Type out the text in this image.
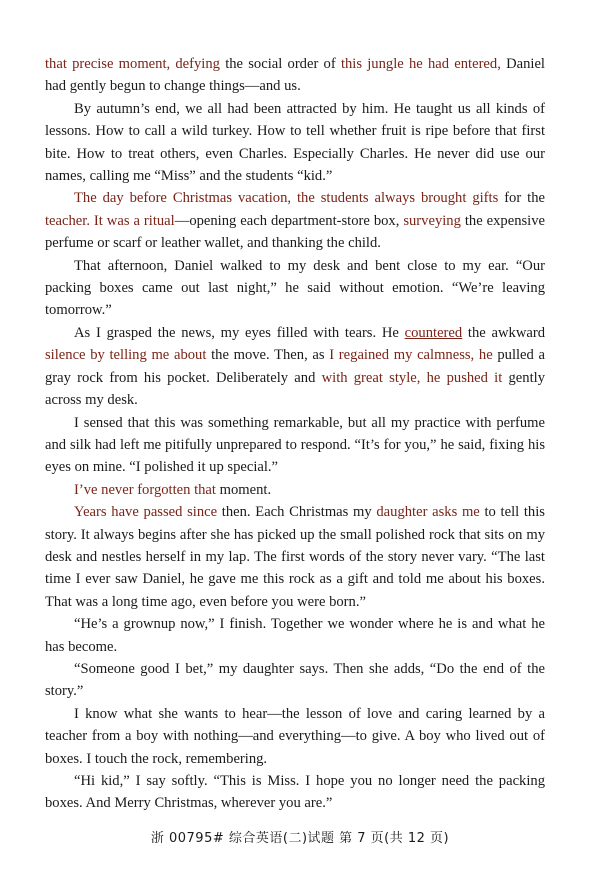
that precise moment, defying the social order of this jungle he had entered, Daniel had gently begun to change things—and us.

By autumn’s end, we all had been attracted by him. He taught us all kinds of lessons. How to call a wild turkey. How to tell whether fruit is ripe before that first bite. How to treat others, even Charles. Especially Charles. He never did use our names, calling me “Miss” and the students “kid.”

The day before Christmas vacation, the students always brought gifts for the teacher. It was a ritual—opening each department-store box, surveying the expensive perfume or scarf or leather wallet, and thanking the child.

That afternoon, Daniel walked to my desk and bent close to my ear. “Our packing boxes came out last night,” he said without emotion. “We’re leaving tomorrow.”

As I grasped the news, my eyes filled with tears. He countered the awkward silence by telling me about the move. Then, as I regained my calmness, he pulled a gray rock from his pocket. Deliberately and with great style, he pushed it gently across my desk.

I sensed that this was something remarkable, but all my practice with perfume and silk had left me pitifully unprepared to respond. “It’s for you,” he said, fixing his eyes on mine. “I polished it up special.”

I’ve never forgotten that moment.

Years have passed since then. Each Christmas my daughter asks me to tell this story. It always begins after she has picked up the small polished rock that sits on my desk and nestles herself in my lap. The first words of the story never vary. “The last time I ever saw Daniel, he gave me this rock as a gift and told me about his boxes. That was a long time ago, even before you were born.”

“He’s a grownup now,” I finish. Together we wonder where he is and what he has become.

“Someone good I bet,” my daughter says. Then she adds, “Do the end of the story.”

I know what she wants to hear—the lesson of love and caring learned by a teacher from a boy with nothing—and everything—to give. A boy who lived out of boxes. I touch the rock, remembering.

“Hi kid,” I say softly. “This is Miss. I hope you no longer need the packing boxes. And Merry Christmas, wherever you are.”

浙 00795# 综合英语(二)试题 第 7 页(共 12 页)
